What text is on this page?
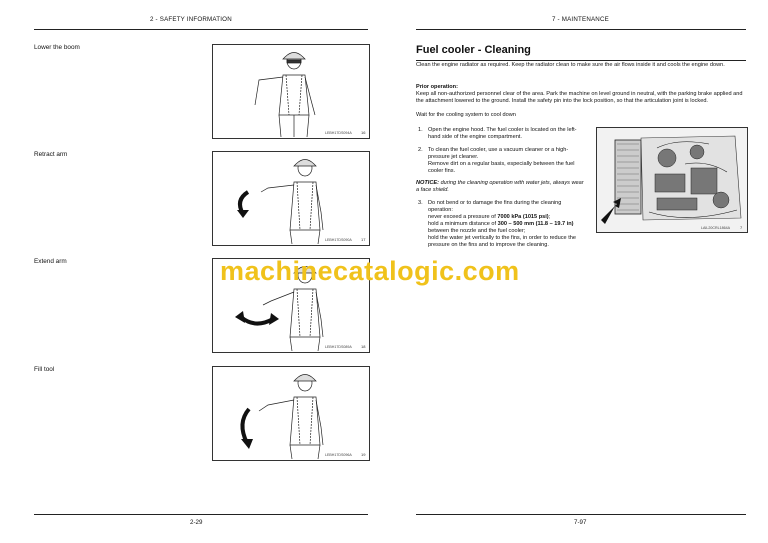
2 - SAFETY INFORMATION
Lower the boom
LEBH17DS094A 16
Retract arm
LEBH17DS090A 17
Extend arm
LEBH17DS089A 18
Fill tool
LEBH17DS096A 19
2-29
7 - MAINTENANCE
Fuel cooler - Cleaning
Clean the engine radiator as required. Keep the radiator clean to make sure the air flows inside it and cools the engine down.
Prior operation:
Keep all non-authorized personnel clear of the area. Park the machine on level ground in neutral, with the parking brake applied and the attachment lowered to the ground. Install the safety pin into the lock position, so that the articulation joint is locked.
Wait for the cooling system to cool down
1. Open the engine hood. The fuel cooler is located on the left-hand side of the engine compartment.
2. To clean the fuel cooler, use a vacuum cleaner or a high-pressure jet cleaner.
Remove dirt on a regular basis, especially between the fuel cooler fins.
NOTICE: during the cleaning operation with water jets, always wear a face shield.
3. Do not bend or to damage the fins during the cleaning operation:
never exceed a pressure of 7000 kPa (1015 psi);
hold a minimum distance of 300 – 500 mm (11.8 – 19.7 in) between the nozzle and the fuel cooler;
hold the water jet vertically to the fins, in order to reduce the pressure on the fins and to improve the cleaning.
LAIL20CRL1864A	7
7-97
machinecatalogic.com
